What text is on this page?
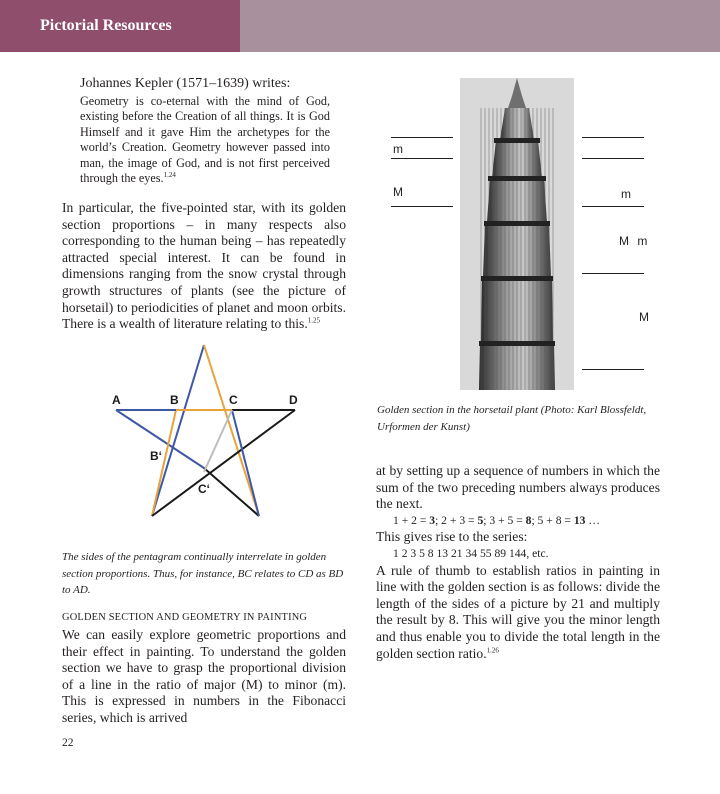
Pictorial Resources
Johannes Kepler (1571–1639) writes:
Geometry is co-eternal with the mind of God, existing before the Creation of all things. It is God Himself and it gave Him the archetypes for the world’s Creation. Geometry however passed into man, the image of God, and is not first perceived through the eyes.$^{1.24}$
In particular, the five-pointed star, with its golden section proportions – in many respects also corresponding to the human being – has repeatedly attracted special interest. It can be found in dimensions ranging from the snow crystal through growth structures of plants (see the picture of horsetail) to periodicities of planet and moon orbits. There is a wealth of literature relating to this.$^{1.25}$
A	B	C	D
B‘
C‘
The sides of the pentagram continually interrelate in golden section proportions. Thus, for instance, BC relates to CD as BD to AD.
GOLDEN SECTION AND GEOMETRY IN PAINTING
We can easily explore geometric proportions and their effect in painting. To understand the golden section we have to grasp the proportional division of a line in the ratio of major (M) to minor (m). This is expressed in numbers in the Fibonacci series, which is arrived
22
m
M	m
M m
M
Golden section in the horsetail plant (Photo: Karl Blossfeldt, Urformen der Kunst)
at by setting up a sequence of numbers in which the sum of the two preceding numbers always produces the next.
1 + 2 = 3; 2 + 3 = 5; 3 + 5 = 8; 5 + 8 = 13 …
This gives rise to the series:
1 2 3 5 8 13 21 34 55 89 144, etc.
A rule of thumb to establish ratios in painting in line with the golden section is as follows: divide the length of the sides of a picture by 21 and multiply the result by 8. This will give you the minor length and thus enable you to divide the total length in the golden section ratio.$^{1.26}$
